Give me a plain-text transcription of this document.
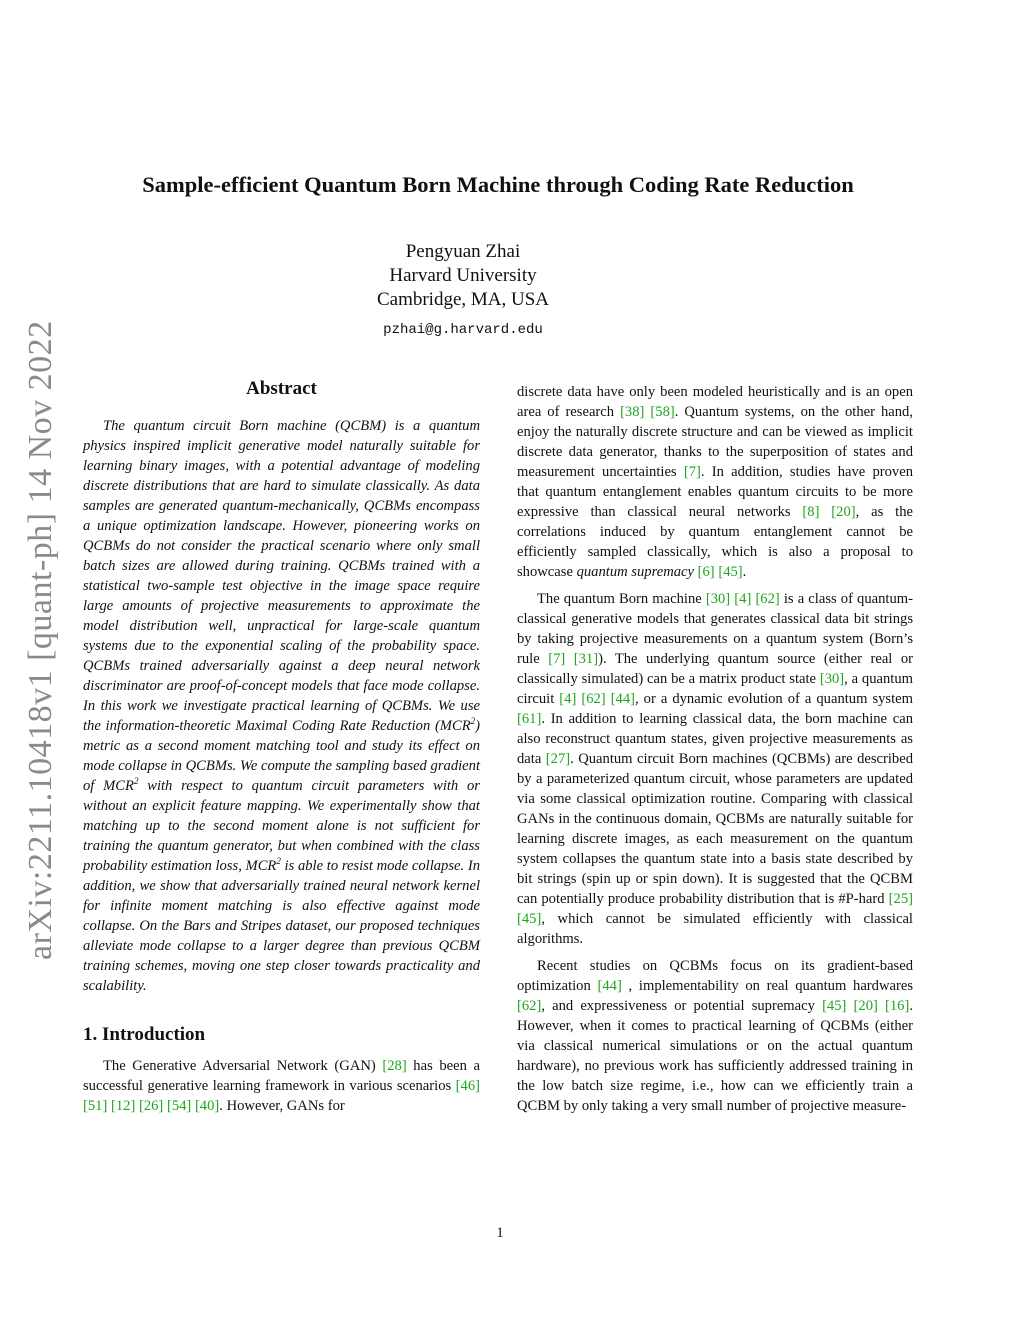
arXiv:2211.10418v1 [quant-ph] 14 Nov 2022
Sample-efficient Quantum Born Machine through Coding Rate Reduction
Pengyuan Zhai
Harvard University
Cambridge, MA, USA
pzhai@g.harvard.edu
Abstract

The quantum circuit Born machine (QCBM) is a quantum physics inspired implicit generative model naturally suitable for learning binary images, with a potential advantage of modeling discrete distributions that are hard to simulate classically. As data samples are generated quantum-mechanically, QCBMs encompass a unique optimization landscape. However, pioneering works on QCBMs do not consider the practical scenario where only small batch sizes are allowed during training. QCBMs trained with a statistical two-sample test objective in the image space require large amounts of projective measurements to approximate the model distribution well, unpractical for large-scale quantum systems due to the exponential scaling of the probability space. QCBMs trained adversarially against a deep neural network discriminator are proof-of-concept models that face mode collapse. In this work we investigate practical learning of QCBMs. We use the information-theoretic Maximal Coding Rate Reduction (MCR$^2$) metric as a second moment matching tool and study its effect on mode collapse in QCBMs. We compute the sampling based gradient of MCR$^2$ with respect to quantum circuit parameters with or without an explicit feature mapping. We experimentally show that matching up to the second moment alone is not sufficient for training the quantum generator, but when combined with the class probability estimation loss, MCR$^2$ is able to resist mode collapse. In addition, we show that adversarially trained neural network kernel for infinite moment matching is also effective against mode collapse. On the Bars and Stripes dataset, our proposed techniques alleviate mode collapse to a larger degree than previous QCBM training schemes, moving one step closer towards practicality and scalability.

1. Introduction

The Generative Adversarial Network (GAN) [28] has been a successful generative learning framework in various scenarios [46] [51] [12] [26] [54] [40]. However, GANs for

discrete data have only been modeled heuristically and is an open area of research [38] [58]. Quantum systems, on the other hand, enjoy the naturally discrete structure and can be viewed as implicit discrete data generator, thanks to the superposition of states and measurement uncertainties [7]. In addition, studies have proven that quantum entanglement enables quantum circuits to be more expressive than classical neural networks [8] [20], as the correlations induced by quantum entanglement cannot be efficiently sampled classically, which is also a proposal to showcase quantum supremacy [6] [45].

The quantum Born machine [30] [4] [62] is a class of quantum-classical generative models that generates classical data bit strings by taking projective measurements on a quantum system (Born’s rule [7] [31]). The underlying quantum source (either real or classically simulated) can be a matrix product state [30], a quantum circuit [4] [62] [44], or a dynamic evolution of a quantum system [61]. In addition to learning classical data, the born machine can also reconstruct quantum states, given projective measurements as data [27]. Quantum circuit Born machines (QCBMs) are described by a parameterized quantum circuit, whose parameters are updated via some classical optimization routine. Comparing with classical GANs in the continuous domain, QCBMs are naturally suitable for learning discrete images, as each measurement on the quantum system collapses the quantum state into a basis state described by bit strings (spin up or spin down). It is suggested that the QCBM can potentially produce probability distribution that is #P-hard [25] [45], which cannot be simulated efficiently with classical algorithms.

Recent studies on QCBMs focus on its gradient-based optimization [44] , implementability on real quantum hardwares [62], and expressiveness or potential supremacy [45] [20] [16]. However, when it comes to practical learning of QCBMs (either via classical numerical simulations or on the actual quantum hardware), no previous work has sufficiently addressed training in the low batch size regime, i.e., how can we efficiently train a QCBM by only taking a very small number of projective measure-

1
